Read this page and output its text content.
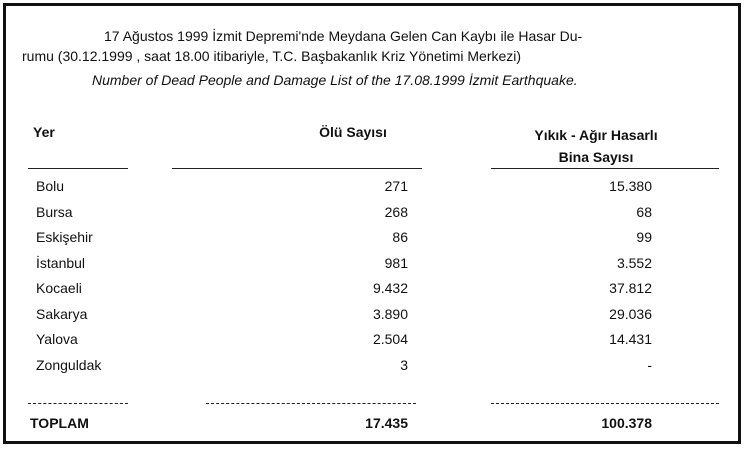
17 Ağustos 1999 İzmit Depremi'nde Meydana Gelen Can Kaybı ile Hasar Du-
rumu (30.12.1999 , saat 18.00 itibariyle, T.C. Başbakanlık Kriz Yönetimi Merkezi)
Number of Dead People and Damage List of the 17.08.1999 İzmit Earthquake.
Yer	Ölü Sayısı	Yıkık - Ağır Hasarlı
Bina Sayısı
Bolu	271	15.380
Bursa	268	68
Eskişehir	86	99
İstanbul	981	3.552
Kocaeli	9.432	37.812
Sakarya	3.890	29.036
Yalova	2.504	14.431
Zonguldak	3	-
TOPLAM	17.435	100.378
